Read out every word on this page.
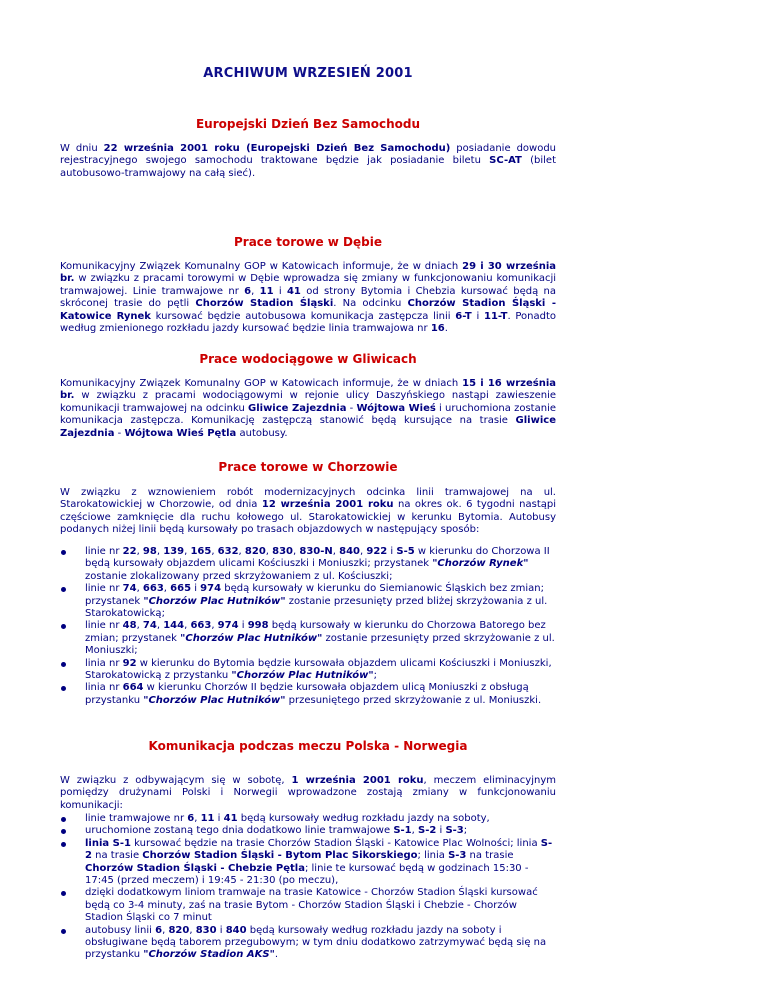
ARCHIWUM WRZESIEŃ 2001
Europejski Dzień Bez Samochodu

W dniu 22 września 2001 roku (Europejski Dzień Bez Samochodu) posiadanie dowodu rejestracyjnego swojego samochodu traktowane będzie jak posiadanie biletu SC-AT (bilet autobusowo-tramwajowy na całą sieć).

Prace torowe w Dębie

Komunikacyjny Związek Komunalny GOP w Katowicach informuje, że w dniach 29 i 30 września br. w związku z pracami torowymi w Dębie wprowadza się zmiany w funkcjonowaniu komunikacji tramwajowej. Linie tramwajowe nr 6, 11 i 41 od strony Bytomia i Chebzia kursować będą na skróconej trasie do pętli Chorzów Stadion Śląski. Na odcinku Chorzów Stadion Śląski - Katowice Rynek kursować będzie autobusowa komunikacja zastępcza linii 6-T i 11-T. Ponadto według zmienionego rozkładu jazdy kursować będzie linia tramwajowa nr 16.

Prace wodociągowe w Gliwicach

Komunikacyjny Związek Komunalny GOP w Katowicach informuje, że w dniach 15 i 16 września br. w związku z pracami wodociągowymi w rejonie ulicy Daszyńskiego nastąpi zawieszenie komunikacji tramwajowej na odcinku Gliwice Zajezdnia - Wójtowa Wieś i uruchomiona zostanie komunikacja zastępcza. Komunikację zastępczą stanowić będą kursujące na trasie Gliwice Zajezdnia - Wójtowa Wieś Pętla autobusy.

Prace torowe w Chorzowie

W związku z wznowieniem robót modernizacyjnych odcinka linii tramwajowej na ul. Starokatowickiej w Chorzowie, od dnia 12 września 2001 roku na okres ok. 6 tygodni nastąpi częściowe zamknięcie dla ruchu kołowego ul. Starokatowickiej w kerunku Bytomia. Autobusy podanych niżej linii będą kursowały po trasach objazdowych w następujący sposób:

linie nr 22, 98, 139, 165, 632, 820, 830, 830-N, 840, 922 i S-5 w kierunku do Chorzowa II będą kursowały objazdem ulicami Kościuszki i Moniuszki; przystanek "Chorzów Rynek" zostanie zlokalizowany przed skrzyżowaniem z ul. Kościuszki;
linie nr 74, 663, 665 i 974 będą kursowały w kierunku do Siemianowic Śląskich bez zmian; przystanek "Chorzów Plac Hutników" zostanie przesunięty przed bliżej skrzyżowania z ul. Starokatowicką;
linie nr 48, 74, 144, 663, 974 i 998 będą kursowały w kierunku do Chorzowa Batorego bez zmian; przystanek "Chorzów Plac Hutników" zostanie przesunięty przed skrzyżowanie z ul. Moniuszki;
linia nr 92 w kierunku do Bytomia będzie kursowała objazdem ulicami Kościuszki i Moniuszki, Starokatowicką z przystanku "Chorzów Plac Hutników";
linia nr 664 w kierunku Chorzów II będzie kursowała objazdem ulicą Moniuszki z obsługą przystanku "Chorzów Plac Hutników" przesuniętego przed skrzyżowanie z ul. Moniuszki.
Komunikacja podczas meczu Polska - Norwegia

W związku z odbywającym się w sobotę, 1 września 2001 roku, meczem eliminacyjnym pomiędzy drużynami Polski i Norwegii wprowadzone zostają zmiany w funkcjonowaniu komunikacji:

linie tramwajowe nr 6, 11 i 41 będą kursowały według rozkładu jazdy na soboty,
uruchomione zostaną tego dnia dodatkowo linie tramwajowe S-1, S-2 i S-3;
linia S-1 kursować będzie na trasie Chorzów Stadion Śląski - Katowice Plac Wolności; linia S-2 na trasie Chorzów Stadion Śląski - Bytom Plac Sikorskiego; linia S-3 na trasie Chorzów Stadion Śląski - Chebzie Pętla; linie te kursować będą w godzinach 15:30 - 17:45 (przed meczem) i 19:45 - 21:30 (po meczu),
dzięki dodatkowym liniom tramwaje na trasie Katowice - Chorzów Stadion Śląski kursować będą co 3-4 minuty, zaś na trasie Bytom - Chorzów Stadion Śląski i Chebzie - Chorzów Stadion Śląski co 7 minut
autobusy linii 6, 820, 830 i 840 będą kursowały według rozkładu jazdy na soboty i obsługiwane będą taborem przegubowym; w tym dniu dodatkowo zatrzymywać będą się na przystanku "Chorzów Stadion AKS".
